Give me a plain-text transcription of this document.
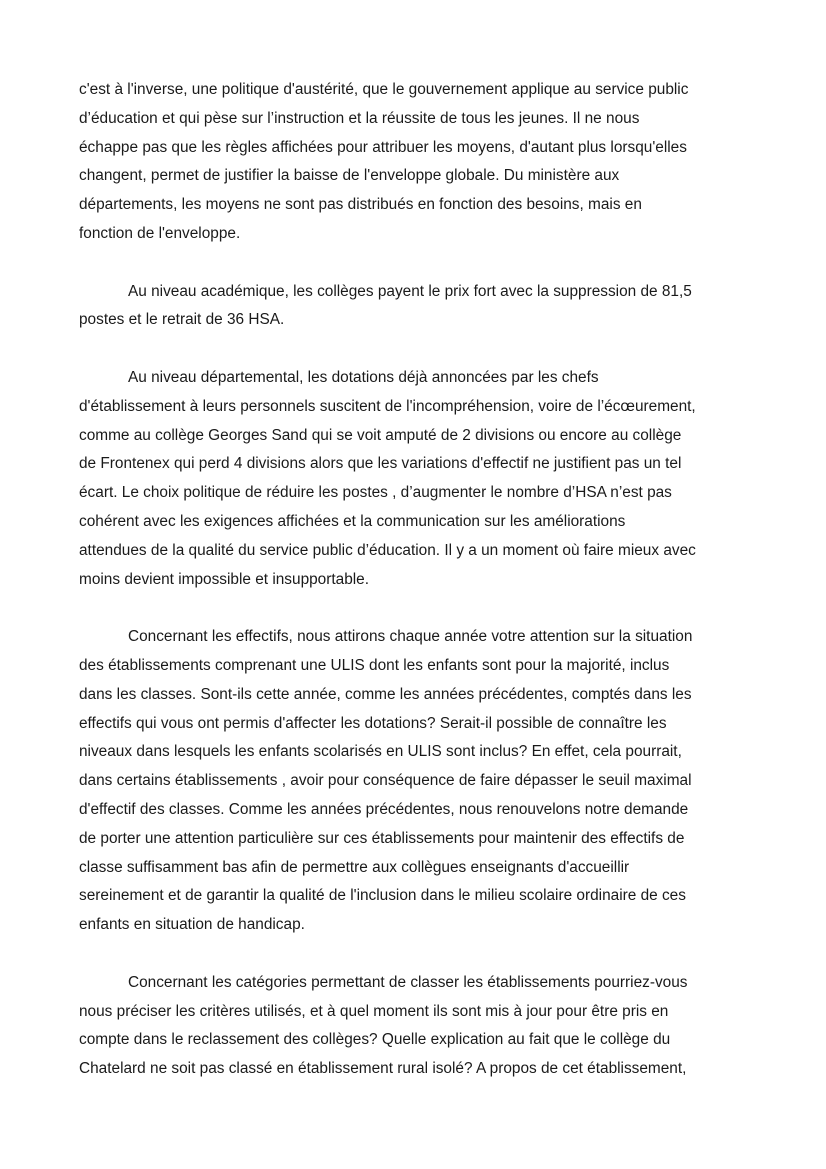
c'est à l'inverse, une politique d'austérité, que le gouvernement applique au service public
d’éducation et qui pèse sur l’instruction et la réussite de tous les jeunes. Il ne nous
échappe pas que les règles affichées pour attribuer les moyens, d'autant plus lorsqu'elles
changent, permet de justifier la baisse de l'enveloppe globale. Du ministère aux
départements, les moyens ne sont pas distribués en fonction des besoins, mais en
fonction de l'enveloppe.

Au niveau académique, les collèges payent le prix fort avec la suppression de 81,5
postes et le retrait de 36 HSA.

Au niveau départemental, les dotations déjà annoncées par les chefs
d'établissement à leurs personnels suscitent de l'incompréhension, voire de l’écœurement,
comme au collège Georges Sand qui se voit amputé de 2 divisions ou encore au collège
de Frontenex qui perd 4 divisions alors que les variations d'effectif ne justifient pas un tel
écart. Le choix politique de réduire les postes , d’augmenter le nombre d’HSA n’est pas
cohérent avec les exigences affichées et la communication sur les améliorations
attendues de la qualité du service public d’éducation. Il y a un moment où faire mieux avec
moins devient impossible et insupportable.

Concernant les effectifs, nous attirons chaque année votre attention sur la situation
des établissements comprenant une ULIS dont les enfants sont pour la majorité, inclus
dans les classes. Sont-ils cette année, comme les années précédentes, comptés dans les
effectifs qui vous ont permis d'affecter les dotations? Serait-il possible de connaître les
niveaux dans lesquels les enfants scolarisés en ULIS sont inclus? En effet, cela pourrait,
dans certains établissements , avoir pour conséquence de faire dépasser le seuil maximal
d'effectif des classes. Comme les années précédentes, nous renouvelons notre demande
de porter une attention particulière sur ces établissements pour maintenir des effectifs de
classe suffisamment bas afin de permettre aux collègues enseignants d'accueillir
sereinement et de garantir la qualité de l'inclusion dans le milieu scolaire ordinaire de ces
enfants en situation de handicap.

Concernant les catégories permettant de classer les établissements pourriez-vous
nous préciser les critères utilisés, et à quel moment ils sont mis à jour pour être pris en
compte dans le reclassement des collèges? Quelle explication au fait que le collège du
Chatelard ne soit pas classé en établissement rural isolé? A propos de cet établissement,
